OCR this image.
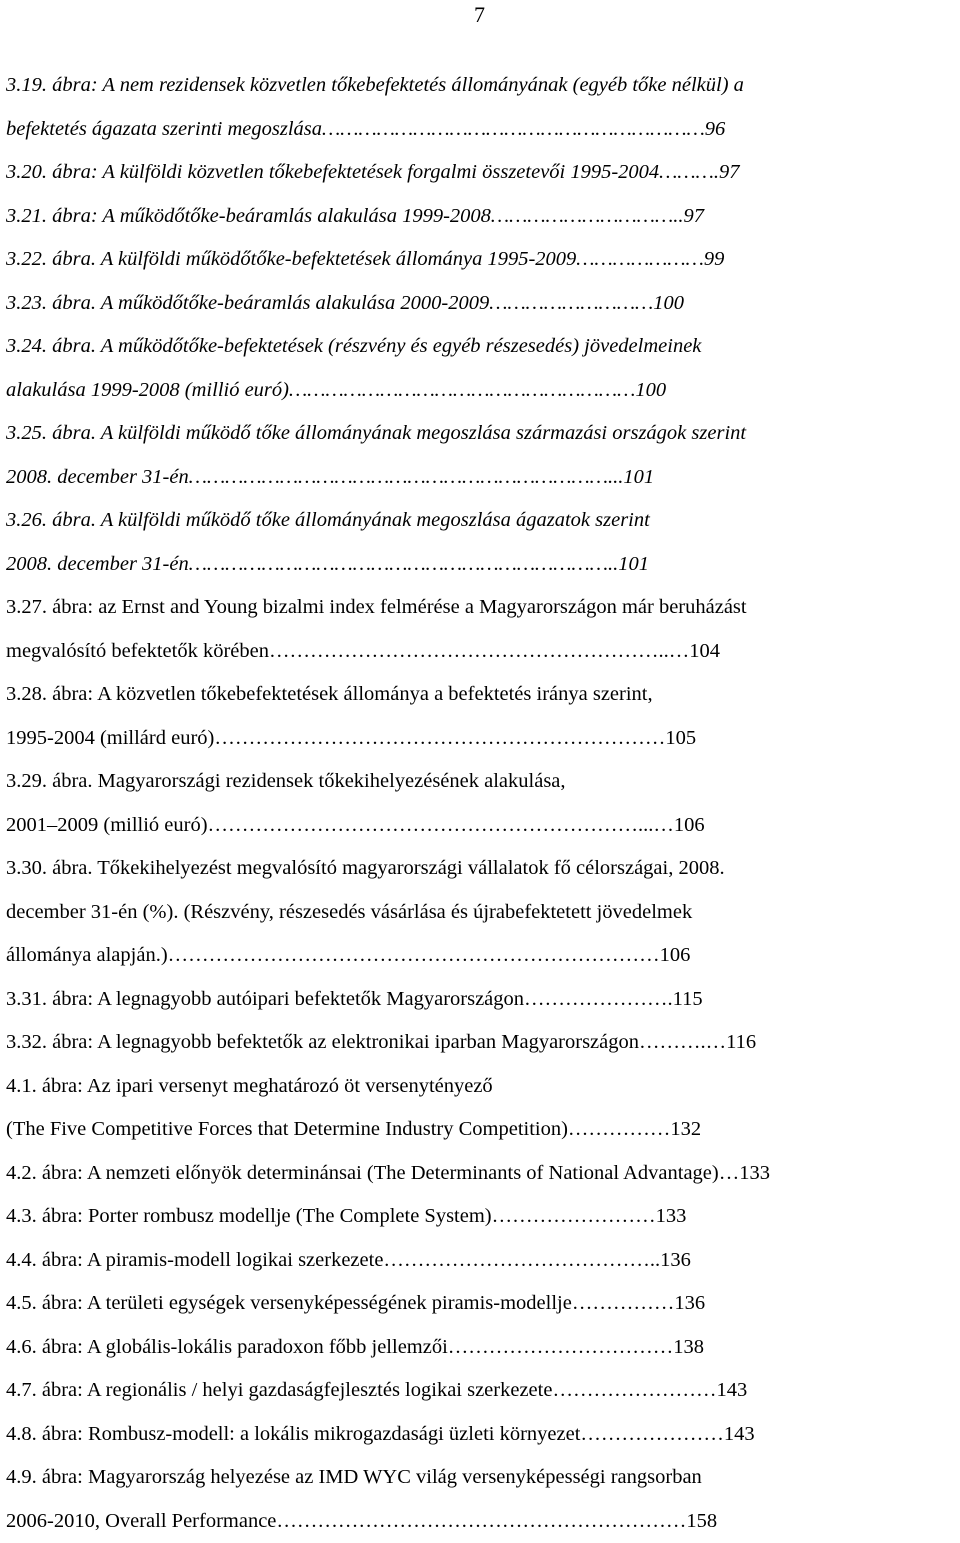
7
3.19. ábra: A nem rezidensek közvetlen tőkebefektetés állományának (egyéb tőke nélkül) a
befektetés ágazata szerinti megoszlása………………………………………………………96
3.20. ábra: A külföldi közvetlen tőkebefektetések forgalmi összetevői 1995-2004……….97
3.21. ábra: A működőtőke-beáramlás alakulása 1999-2008…………………………..97
3.22. ábra. A külföldi működőtőke-befektetések állománya 1995-2009…………………99
3.23. ábra. A működőtőke-beáramlás alakulása 2000-2009………………………100
3.24. ábra. A működőtőke-befektetések (részvény és egyéb részesedés) jövedelmeinek
alakulása 1999-2008 (millió euró)…………………………………………………100
3.25. ábra. A külföldi működő tőke állományának megoszlása származási országok szerint
2008. december 31-én……………………………………………………………...101
3.26. ábra. A külföldi működő tőke állományának megoszlása ágazatok szerint
2008. december 31-én……………………………………………………………..101
3.27. ábra: az Ernst and Young bizalmi index felmérése a Magyarországon már beruházást
megvalósító befektetők körében…………………………………………………..…104
3.28. ábra: A közvetlen tőkebefektetések állománya a befektetés iránya szerint,
1995-2004 (millárd euró)…………………………………………………………105
3.29. ábra. Magyarországi rezidensek tőkekihelyezésének alakulása,
2001–2009 (millió euró)………………………………………………………...…106
3.30. ábra. Tőkekihelyezést megvalósító magyarországi vállalatok fő célországai, 2008.
december 31-én (%). (Részvény, részesedés vásárlása és újrabefektetett jövedelmek
állománya alapján.)………………………………………………………………106
3.31. ábra: A legnagyobb autóipari befektetők Magyarországon………………….115
3.32. ábra: A legnagyobb befektetők az elektronikai iparban Magyarországon……….…116
4.1. ábra: Az ipari versenyt meghatározó öt versenytényező
(The Five Competitive Forces that Determine Industry Competition)……………132
4.2. ábra: A nemzeti előnyök determinánsai (The Determinants of National Advantage)…133
4.3. ábra: Porter rombusz modellje (The Complete System)……………………133
4.4. ábra: A piramis-modell logikai szerkezete…………………………………..136
4.5. ábra: A területi egységek versenyképességének piramis-modellje……………136
4.6. ábra: A globális-lokális paradoxon főbb jellemzői……………………………138
4.7. ábra: A regionális / helyi gazdaságfejlesztés logikai szerkezete……………………143
4.8. ábra: Rombusz-modell: a lokális mikrogazdasági üzleti környezet…………………143
4.9. ábra: Magyarország helyezése az IMD WYC világ versenyképességi rangsorban
2006-2010, Overall Performance……………………………………………………158
